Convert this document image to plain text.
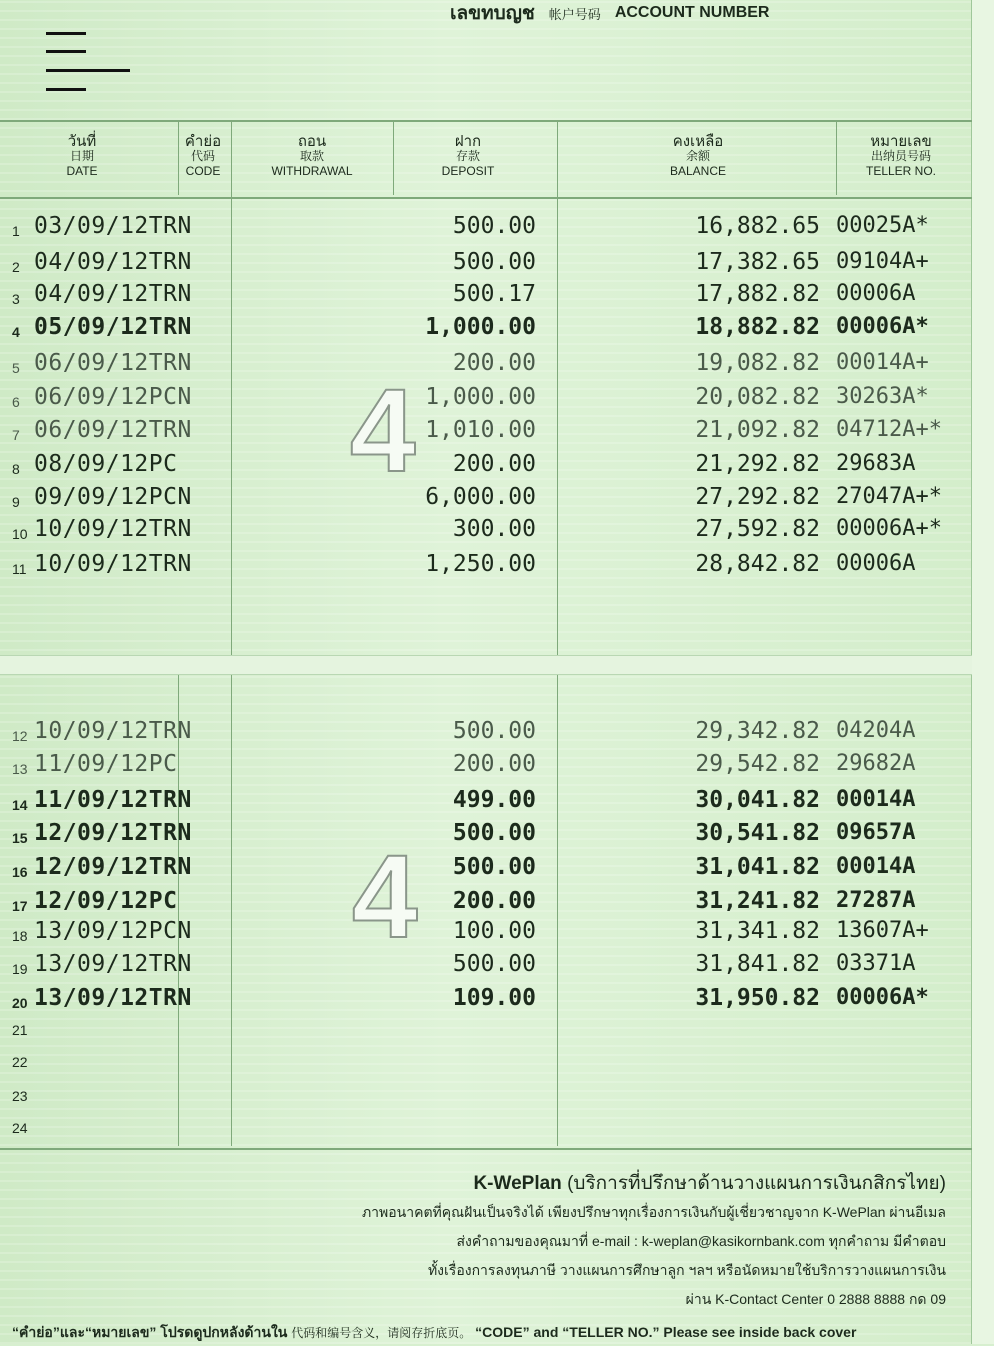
เลขทบญช 帐户号码 ACCOUNT NUMBER
วันที่
日期
DATE
คำย่อ
代码
CODE
ถอน
取款
WITHDRAWAL
ฝาก
存款
DEPOSIT
คงเหลือ
余额
BALANCE
หมายเลข
出纳员号码
TELLER NO.
4
4
1 03/09/12TRN	500.00	16,882.65 00025A*
2 04/09/12TRN	500.00	17,382.65 09104A+
3 04/09/12TRN	500.17	17,882.82 00006A
4 05/09/12TRN	1,000.00	18,882.82 00006A*
5 06/09/12TRN	200.00	19,082.82 00014A+
6 06/09/12PCN	1,000.00	20,082.82 30263A*
7 06/09/12TRN	1,010.00	21,092.82 04712A+*
8 08/09/12PC	200.00	21,292.82 29683A
9 09/09/12PCN	6,000.00	27,292.82 27047A+*
10 10/09/12TRN	300.00	27,592.82 00006A+*
11 10/09/12TRN	1,250.00	28,842.82 00006A
12 10/09/12TRN	500.00	29,342.82 04204A
13 11/09/12PC	200.00	29,542.82 29682A
14 11/09/12TRN	499.00	30,041.82 00014A
15 12/09/12TRN	500.00	30,541.82 09657A
16 12/09/12TRN	500.00	31,041.82 00014A
17 12/09/12PC	200.00	31,241.82 27287A
18 13/09/12PCN	100.00	31,341.82 13607A+
19 13/09/12TRN	500.00	31,841.82 03371A
20 13/09/12TRN	109.00	31,950.82 00006A*
21
22
23
24
K-WePlan (บริการที่ปรึกษาด้านวางแผนการเงินกสิกรไทย)
ภาพอนาคตที่คุณฝันเป็นจริงได้ เพียงปรึกษาทุกเรื่องการเงินกับผู้เชี่ยวชาญจาก K-WePlan ผ่านอีเมล
ส่งคำถามของคุณมาที่ e-mail : k-weplan@kasikornbank.com ทุกคำถาม มีคำตอบ
ทั้งเรื่องการลงทุนภาษี วางแผนการศึกษาลูก ฯลฯ หรือนัดหมายใช้บริการวางแผนการเงิน
ผ่าน K-Contact Center 0 2888 8888 กด 09
“คำย่อ”และ“หมายเลข” โปรดดูปกหลังด้านใน 代码和编号含义，请阅存折底页。 “CODE” and “TELLER NO.” Please see inside back cover
